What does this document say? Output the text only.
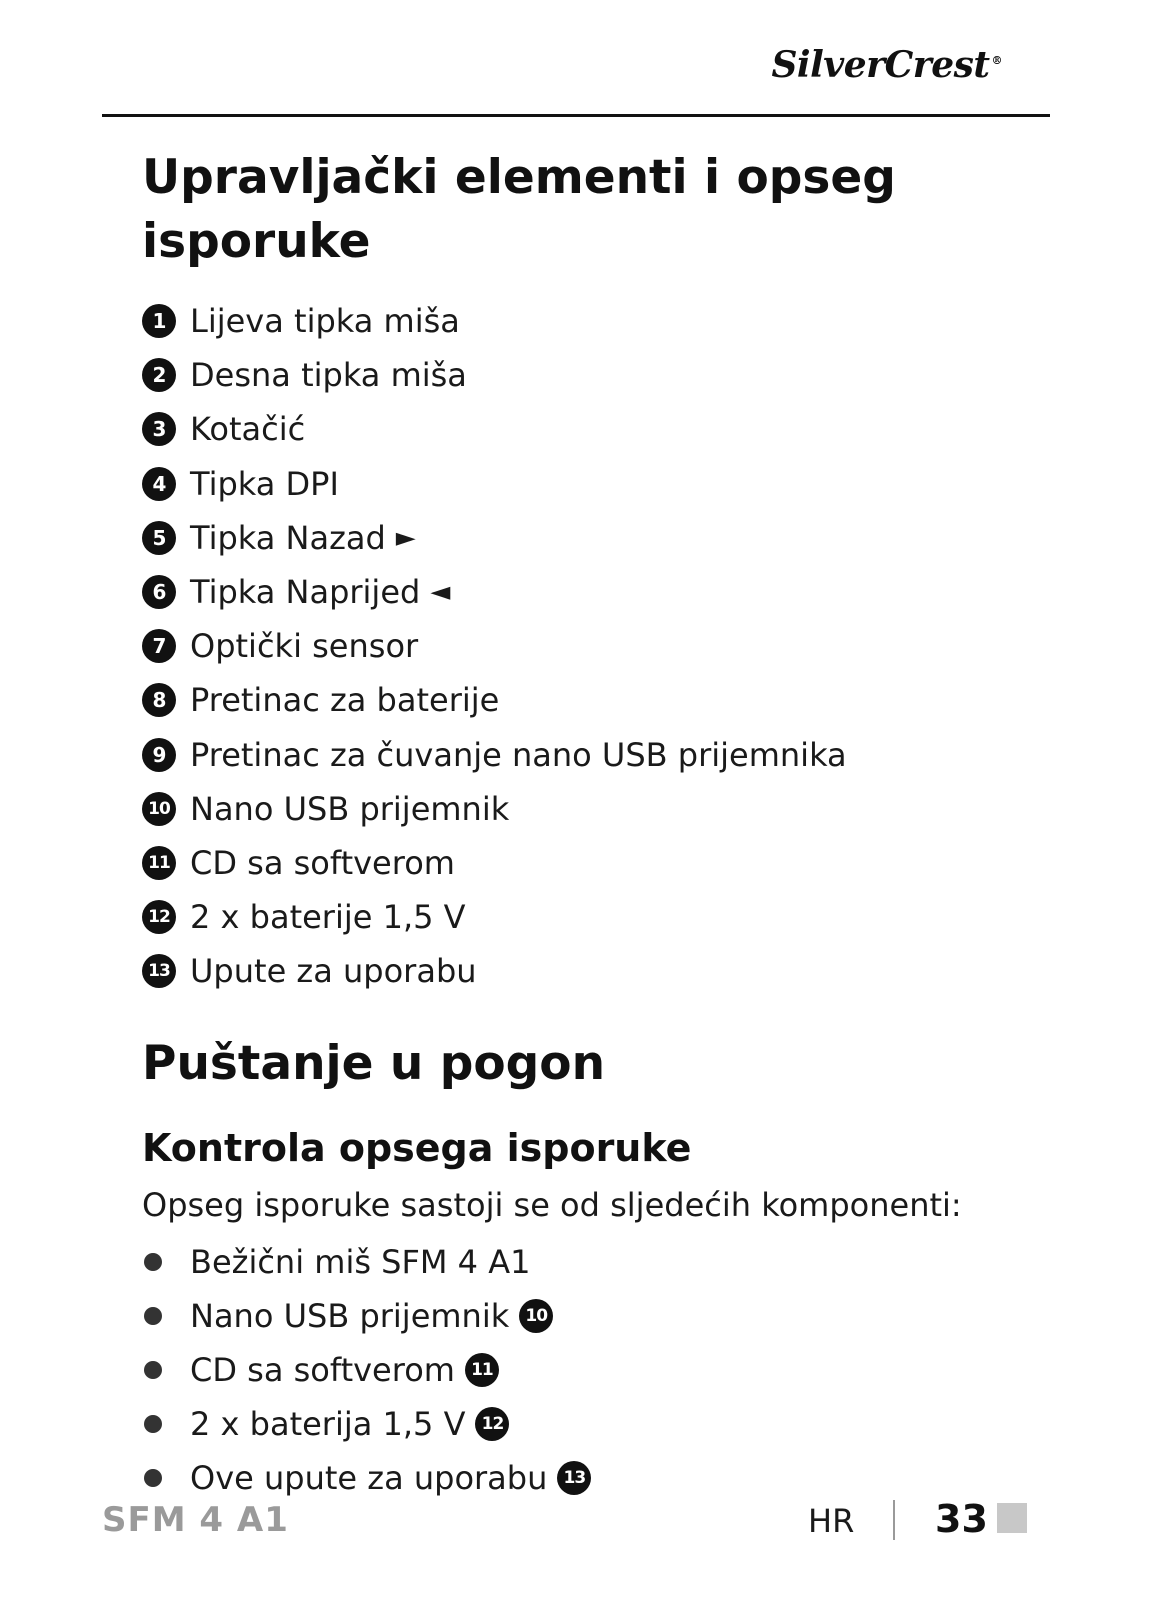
SilverCrest ®
Upravljački elementi i opseg isporuke
1 Lijeva tipka miša
2 Desna tipka miša
3 Kotačić
4 Tipka DPI
5 Tipka Nazad ►
6 Tipka Naprijed ◄
7 Optički sensor
8 Pretinac za baterije
9 Pretinac za čuvanje nano USB prijemnika
10 Nano USB prijemnik
11 CD sa softverom
12 2 x baterije 1,5 V
13 Upute za uporabu
Puštanje u pogon
Kontrola opsega isporuke

Opseg isporuke sastoji se od sljedećih komponenti:

Bežični miš SFM 4 A1
Nano USB prijemnik 10
CD sa softverom 11
2 x baterija 1,5 V 12
Ove upute za uporabu 13
SFM 4 A1	HR 33
